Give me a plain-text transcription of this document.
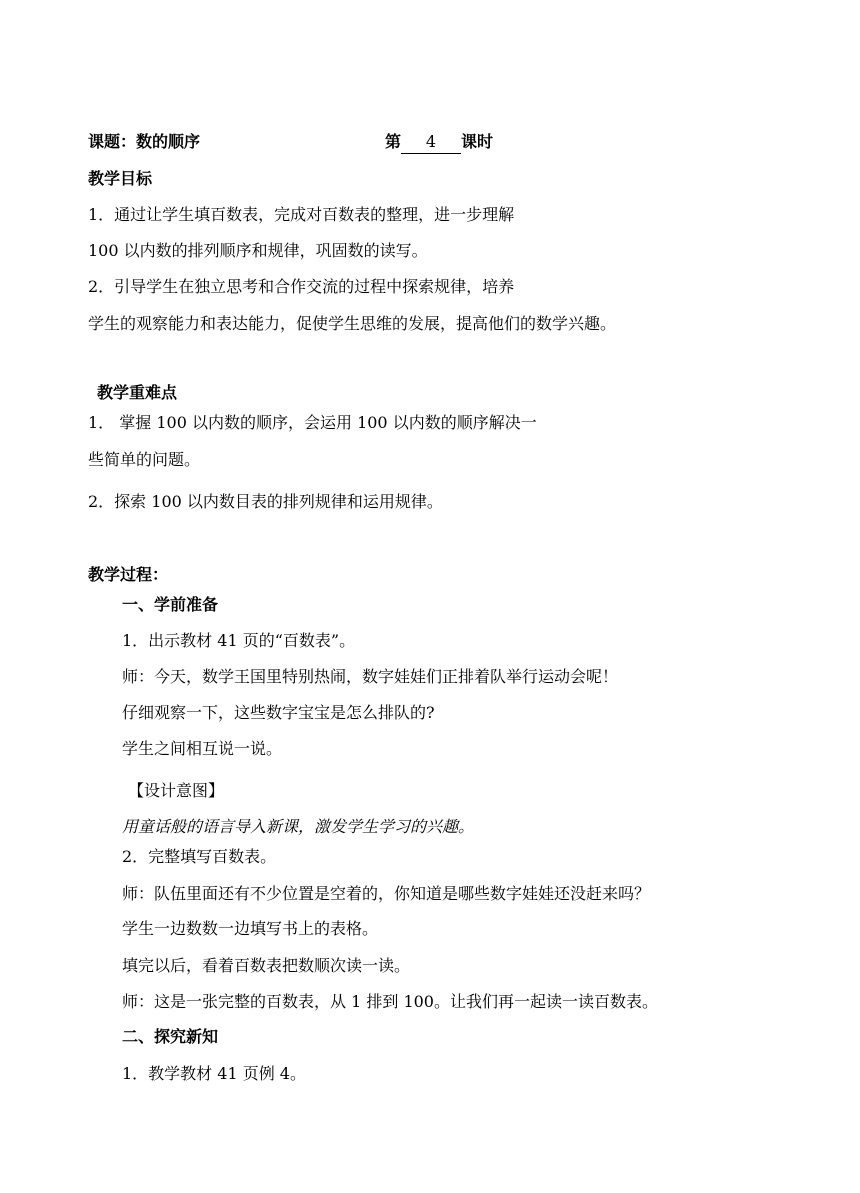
课题：数的顺序	第 4 课时
教学目标
1．通过让学生填百数表，完成对百数表的整理，进一步理解
100 以内数的排列顺序和规律，巩固数的读写。
2．引导学生在独立思考和合作交流的过程中探索规律，培养
学生的观察能力和表达能力，促使学生思维的发展，提高他们的数学兴趣。
教学重难点
1． 掌握 100 以内数的顺序，会运用 100 以内数的顺序解决一
些简单的问题。
2．探索 100 以内数目表的排列规律和运用规律。
教学过程：
一、学前准备
1．出示教材 41 页的“百数表”。
师：今天，数学王国里特别热闹，数字娃娃们正排着队举行运动会呢！
仔细观察一下，这些数字宝宝是怎么排队的?
学生之间相互说一说。
【设计意图】
用童话般的语言导入新课，激发学生学习的兴趣。
2．完整填写百数表。
师：队伍里面还有不少位置是空着的，你知道是哪些数字娃娃还没赶来吗？
学生一边数数一边填写书上的表格。
填完以后，看着百数表把数顺次读一读。
师：这是一张完整的百数表，从 1 排到 100。让我们再一起读一读百数表。
二、探究新知
1．教学教材 41 页例 4。
